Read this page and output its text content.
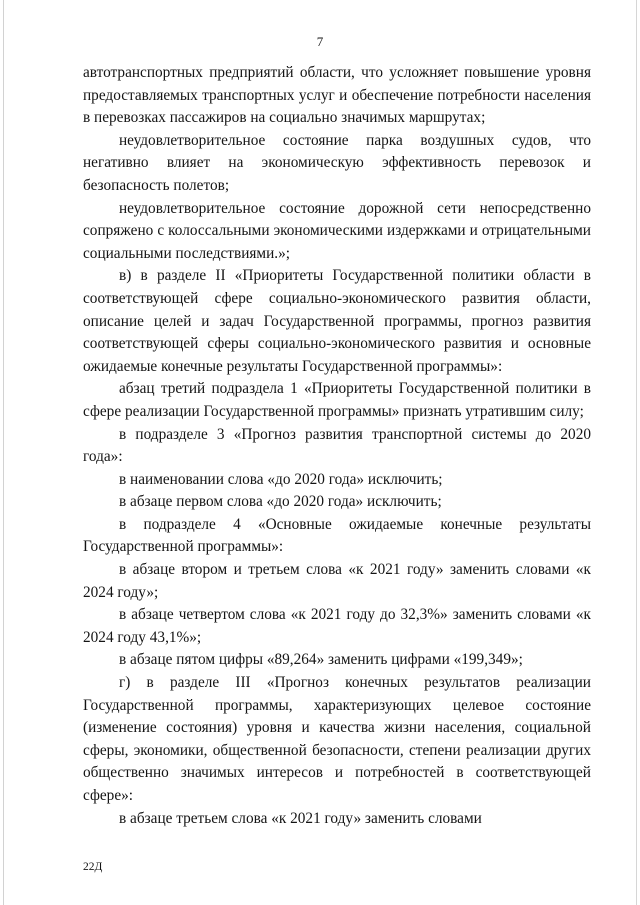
7

автотранспортных предприятий области, что усложняет повышение уровня предоставляемых транспортных услуг и обеспечение потребности населения в перевозках пассажиров на социально значимых маршрутах;

неудовлетворительное состояние парка воздушных судов, что негативно влияет на экономическую эффективность перевозок и безопасность полетов;

неудовлетворительное состояние дорожной сети непосредственно сопряжено с колоссальными экономическими издержками и отрицательными социальными последствиями.»;

в) в разделе II «Приоритеты Государственной политики области в соответствующей сфере социально-экономического развития области, описание целей и задач Государственной программы, прогноз развития соответствующей сферы социально-экономического развития и основные ожидаемые конечные результаты Государственной программы»:

абзац третий подраздела 1 «Приоритеты Государственной политики в сфере реализации Государственной программы» признать утратившим силу;

в подразделе 3 «Прогноз развития транспортной системы до 2020 года»:

в наименовании слова «до 2020 года» исключить;

в абзаце первом слова «до 2020 года» исключить;

в подразделе 4 «Основные ожидаемые конечные результаты Государственной программы»:

в абзаце втором и третьем слова «к 2021 году» заменить словами «к 2024 году»;

в абзаце четвертом слова «к 2021 году до 32,3%» заменить словами «к 2024 году 43,1%»;

в абзаце пятом цифры «89,264» заменить цифрами «199,349»;

г) в разделе III «Прогноз конечных результатов реализации Государственной программы, характеризующих целевое состояние (изменение состояния) уровня и качества жизни населения, социальной сферы, экономики, общественной безопасности, степени реализации других общественно значимых интересов и потребностей в соответствующей сфере»:

в абзаце третьем слова «к 2021 году» заменить словами

22Д
